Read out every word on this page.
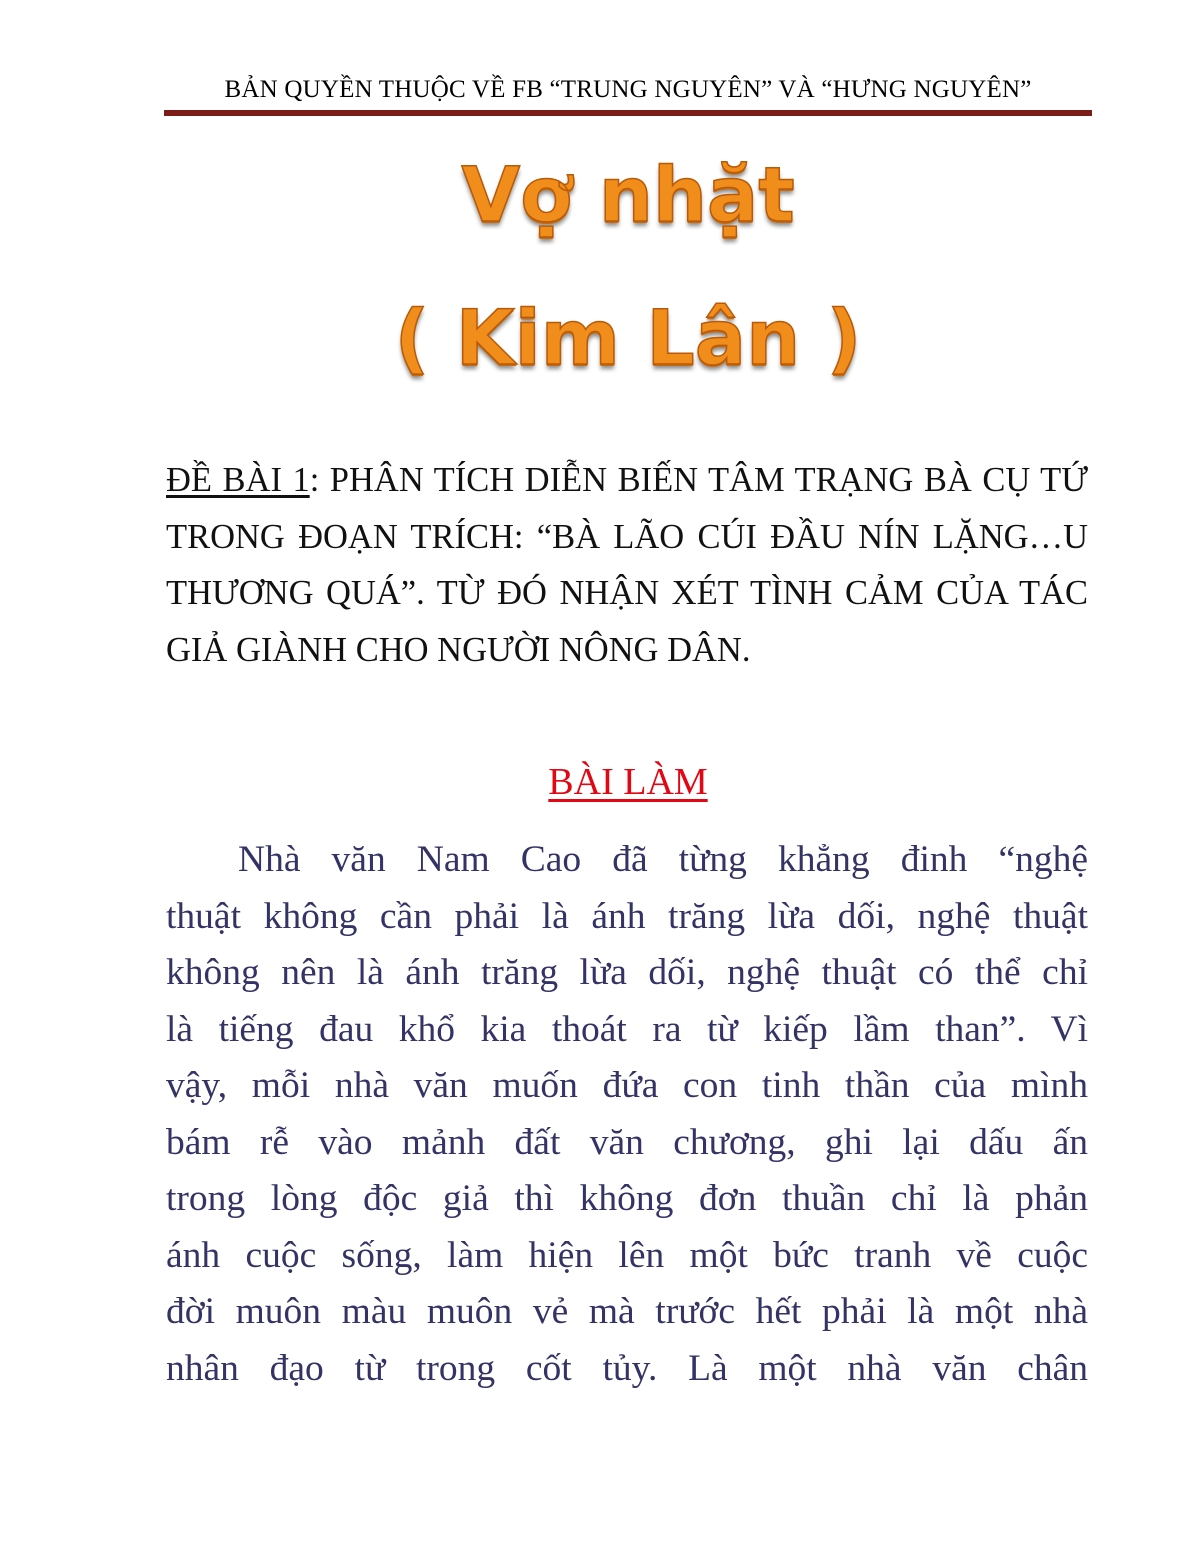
BẢN QUYỀN THUỘC VỀ FB “TRUNG NGUYÊN” VÀ “HƯNG NGUYÊN”
Vợ nhặt
( Kim Lân )
ĐỀ BÀI 1: PHÂN TÍCH DIỄN BIẾN TÂM TRẠNG BÀ CỤ TỨ TRONG ĐOẠN TRÍCH: “BÀ LÃO CÚI ĐẦU NÍN LẶNG…U THƯƠNG QUÁ”. TỪ ĐÓ NHẬN XÉT TÌNH CẢM CỦA TÁC GIẢ GIÀNH CHO NGƯỜI NÔNG DÂN.
BÀI LÀM
Nhà văn Nam Cao đã từng khẳng đinh “nghệ
thuật không cần phải là ánh trăng lừa dối, nghệ thuật
không nên là ánh trăng lừa dối, nghệ thuật có thể chỉ
là tiếng đau khổ kia thoát ra từ kiếp lầm than”. Vì
vậy, mỗi nhà văn muốn đứa con tinh thần của mình
bám rễ vào mảnh đất văn chương, ghi lại dấu ấn
trong lòng độc giả thì không đơn thuần chỉ là phản
ánh cuộc sống, làm hiện lên một bức tranh về cuộc
đời muôn màu muôn vẻ mà trước hết phải là một nhà
nhân đạo từ trong cốt tủy. Là một nhà văn chân
